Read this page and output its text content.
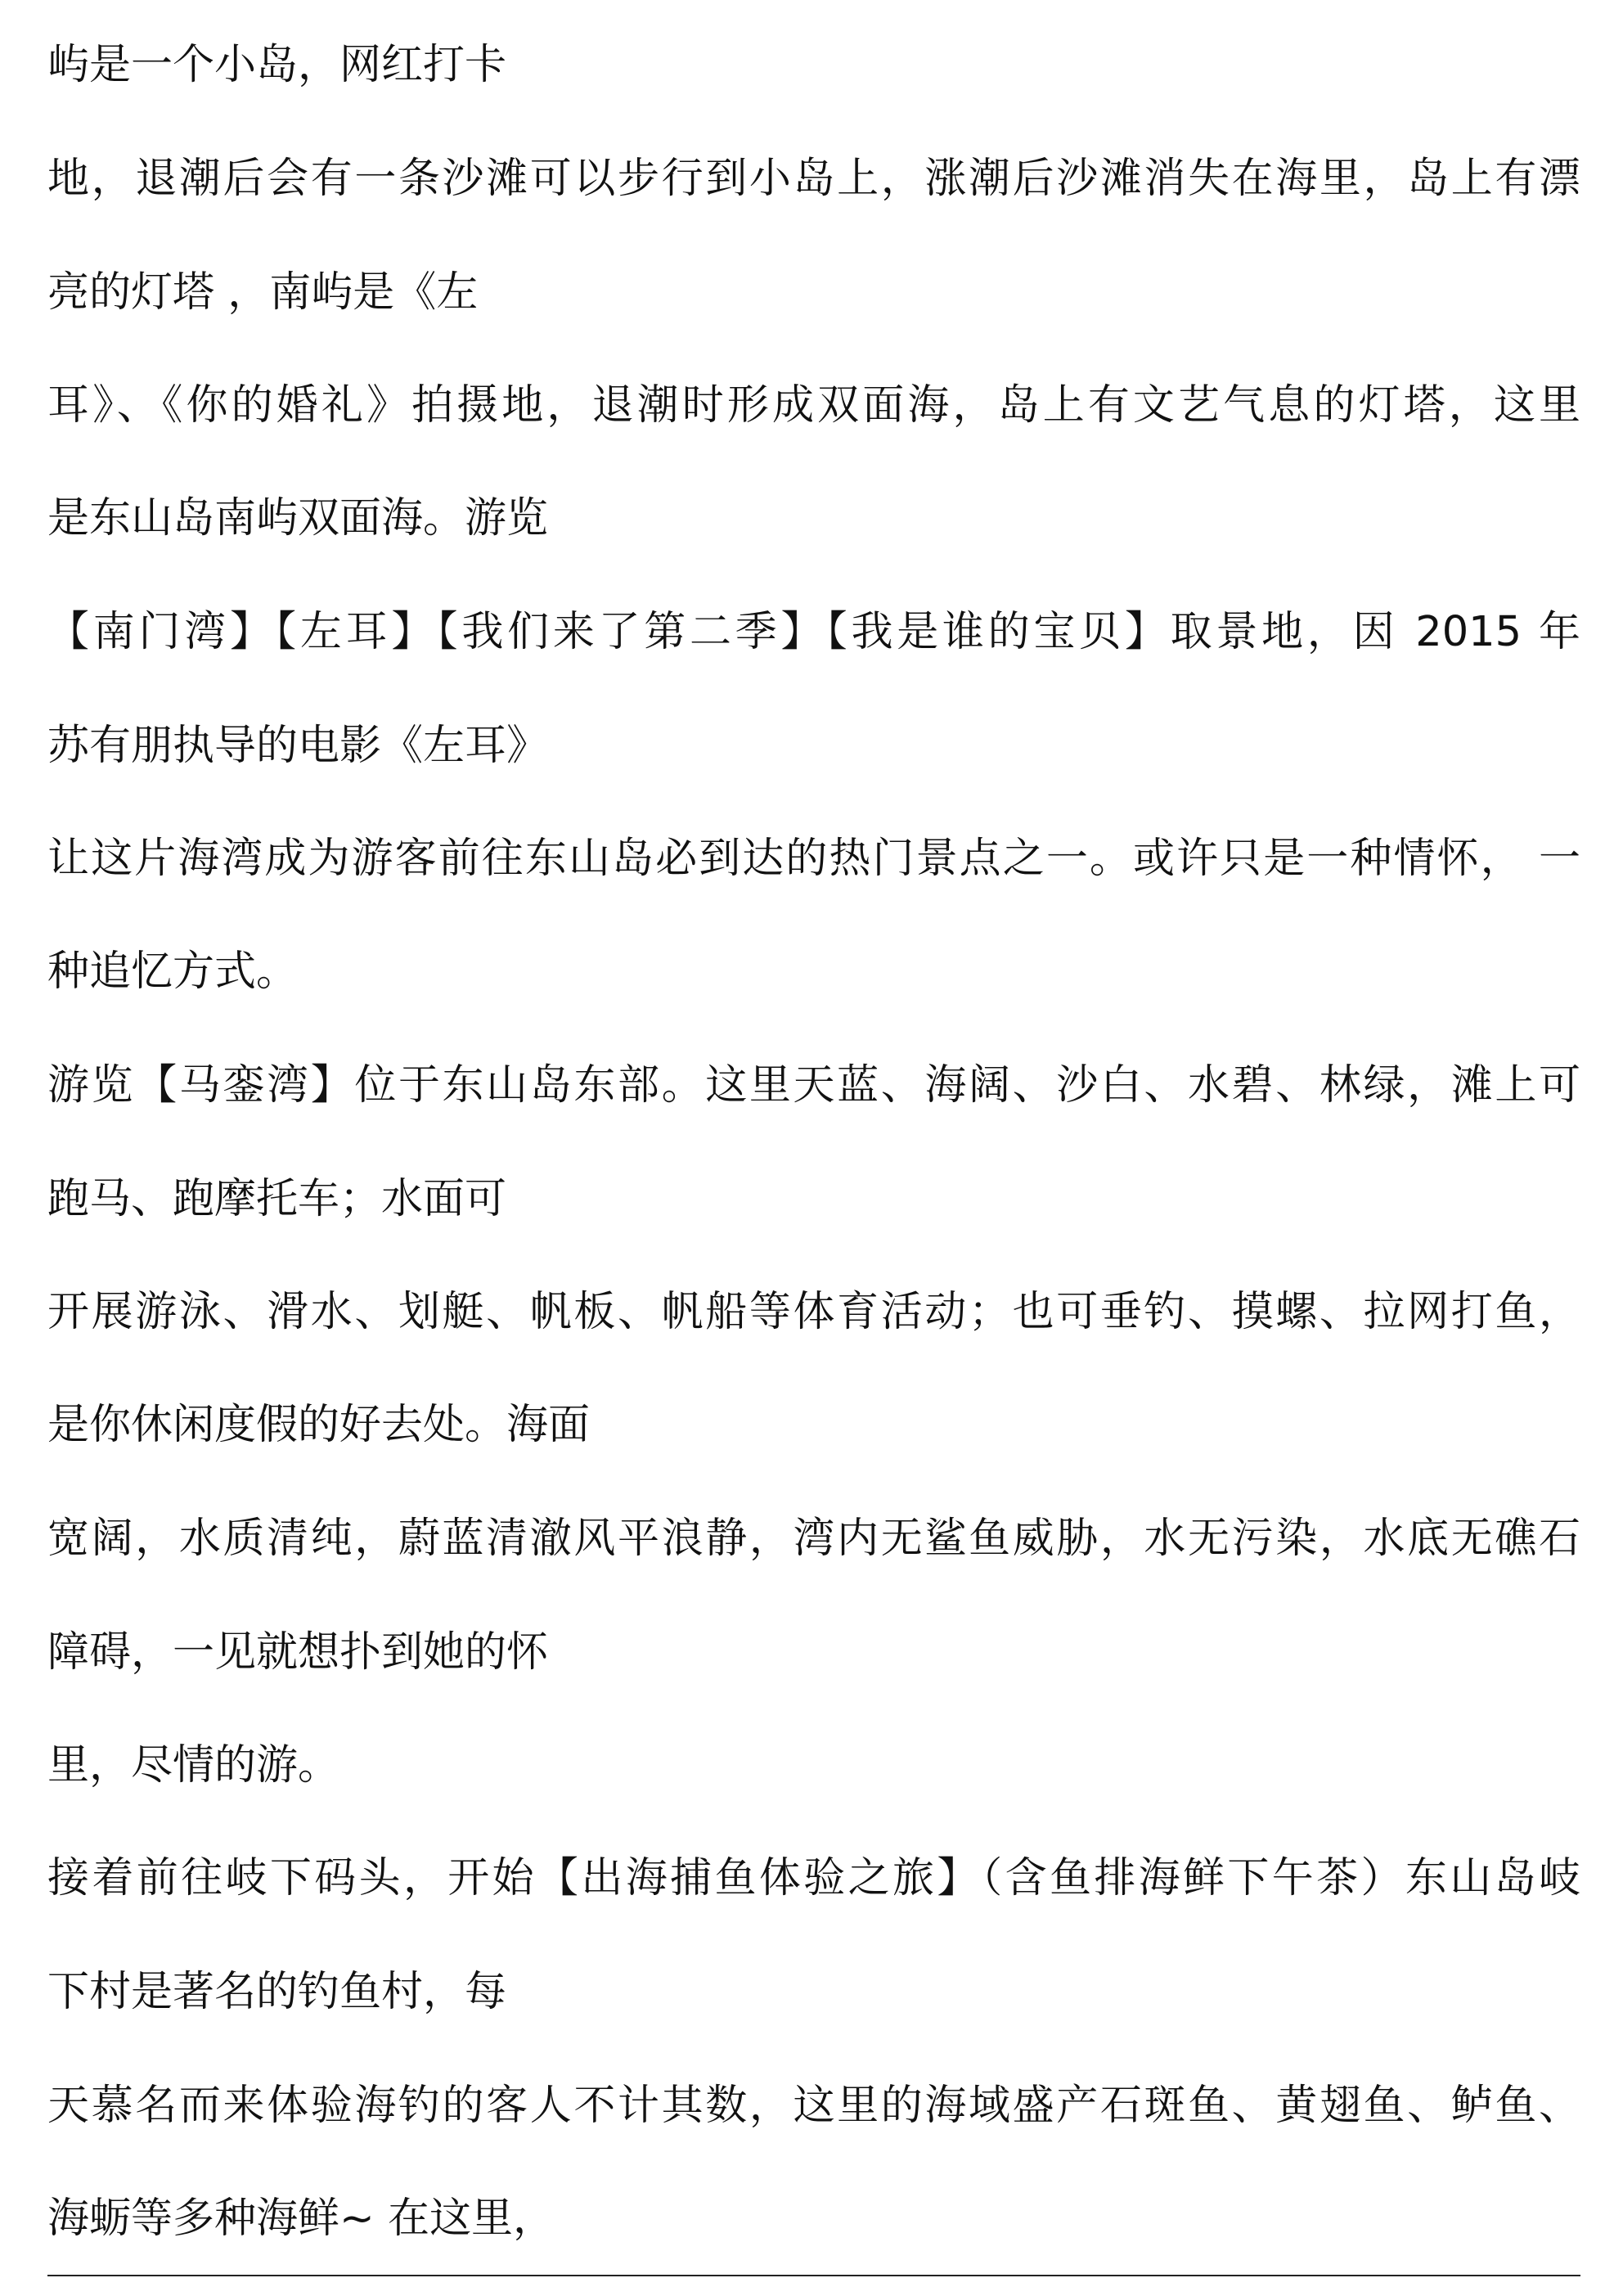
屿是一个小岛，网红打卡
地，退潮后会有一条沙滩可以步行到小岛上，涨潮后沙滩消失在海里，岛上有漂
亮的灯塔 ，南屿是《左
耳》、《你的婚礼》拍摄地，退潮时形成双面海，岛上有文艺气息的灯塔，这里
是东山岛南屿双面海。游览
【南门湾】【左耳】【我们来了第二季】【我是谁的宝贝】取景地，因 2015 年
苏有朋执导的电影《左耳》
让这片海湾成为游客前往东山岛必到达的热门景点之一。或许只是一种情怀， 一
种追忆方式。
游览【马銮湾】位于东山岛东部。这里天蓝、海阔、沙白、水碧、林绿，滩上可
跑马、跑摩托车；水面可
开展游泳、滑水、划艇、帆板、帆船等体育活动；也可垂钓、摸螺、拉网打鱼，
是你休闲度假的好去处。海面
宽阔，水质清纯，蔚蓝清澈风平浪静，湾内无鲨鱼威胁，水无污染，水底无礁石
障碍，一见就想扑到她的怀
里，尽情的游。
接着前往岐下码头，开始【出海捕鱼体验之旅】（含鱼排海鲜下午茶）东山岛岐
下村是著名的钓鱼村，每
天慕名而来体验海钓的客人不计其数，这里的海域盛产石斑鱼、黄翅鱼、鲈鱼、
海蛎等多种海鲜~ 在这里，
